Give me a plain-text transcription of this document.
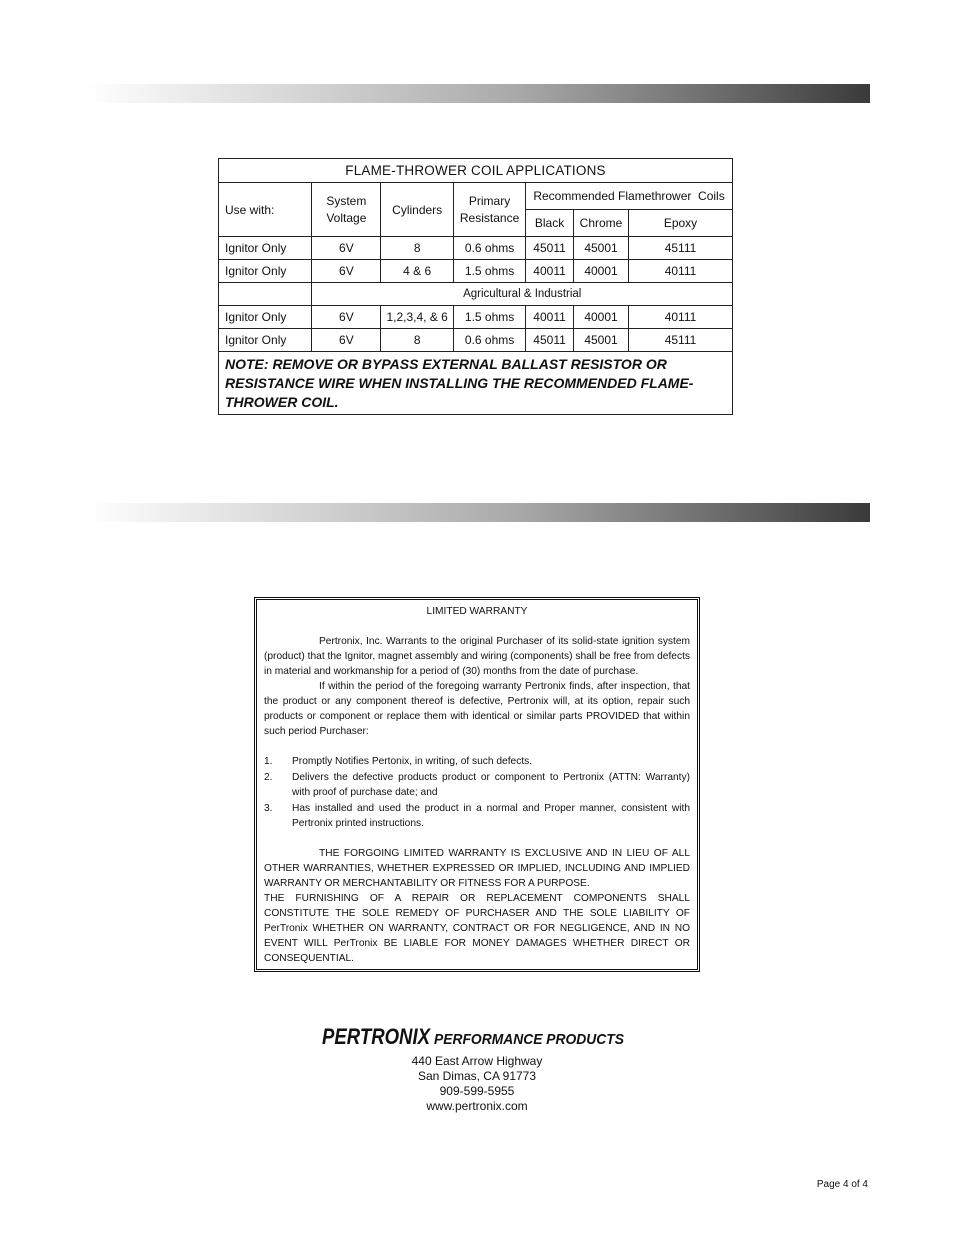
FLAME-THROWER COIL APPLICATIONS						
Use with:	System Voltage	Cylinders	Primary Resistance	Recommended Flamethrower  Coils		
				Black	Chrome	Epoxy
Ignitor Only	6V	8	0.6 ohms	45011	45001	45111
Ignitor Only	6V	4 & 6	1.5 ohms	40011	40001	40111
	Agricultural & Industrial					
Ignitor Only	6V	1,2,3,4, & 6	1.5 ohms	40011	40001	40111
Ignitor Only	6V	8	0.6 ohms	45011	45001	45111
NOTE: REMOVE OR BYPASS EXTERNAL BALLAST RESISTOR OR RESISTANCE WIRE WHEN INSTALLING THE RECOMMENDED FLAME-THROWER COIL.						
LIMITED WARRANTY

Pertronix, Inc. Warrants to the original Purchaser of its solid-state ignition system (product) that the Ignitor, magnet assembly and wiring (components) shall be free from defects in material and workmanship for a period of (30) months from the date of purchase.

If within the period of the foregoing warranty Pertronix finds, after inspection, that the product or any component thereof is defective, Pertronix will, at its option, repair such products or component or replace them with identical or similar parts PROVIDED that within such period Purchaser:

1.	Promptly Notifies Pertonix, in writing, of such defects.
2.	Delivers the defective products product or component to Pertronix (ATTN: Warranty) with proof of purchase date; and
3.	Has installed and used the product in a normal and Proper manner, consistent with Pertronix printed instructions.

THE FORGOING LIMITED WARRANTY IS EXCLUSIVE AND IN LIEU OF ALL OTHER WARRANTIES, WHETHER EXPRESSED OR IMPLIED, INCLUDING AND IMPLIED WARRANTY OR MERCHANTABILITY OR FITNESS FOR A PURPOSE.

THE FURNISHING OF A REPAIR OR REPLACEMENT COMPONENTS SHALL CONSTITUTE THE SOLE REMEDY OF PURCHASER AND THE SOLE LIABILITY OF PerTronix WHETHER ON WARRANTY, CONTRACT OR FOR NEGLIGENCE, AND IN NO EVENT WILL PerTronix BE LIABLE FOR MONEY DAMAGES WHETHER DIRECT OR CONSEQUENTIAL.

PERTRONIX PERFORMANCE PRODUCTS
440 East Arrow Highway
San Dimas, CA 91773
909-599-5955
www.pertronix.com
Page 4 of 4
